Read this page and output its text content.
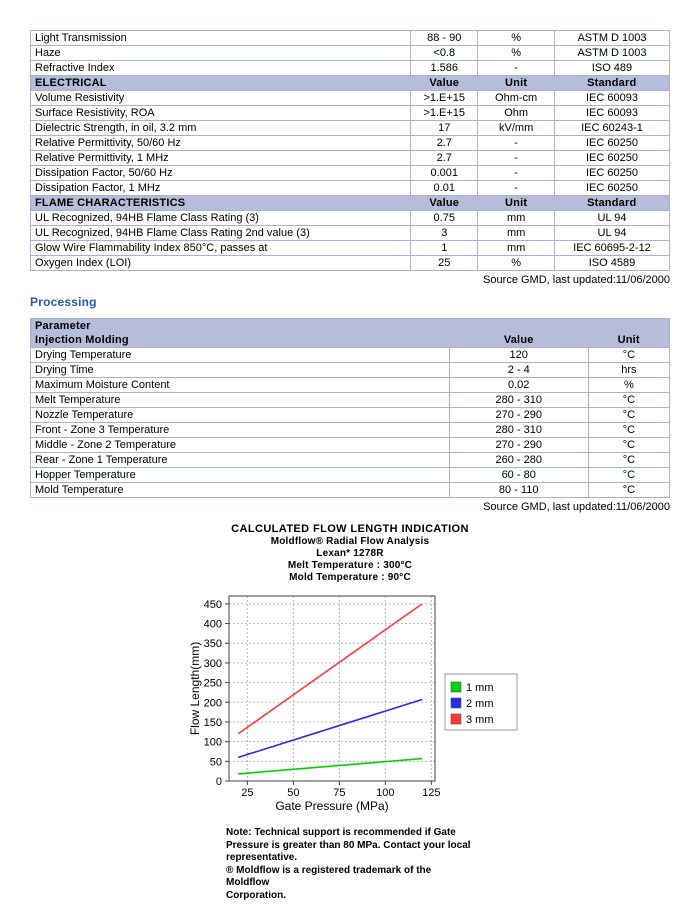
Light Transmission	88 - 90	%	ASTM D 1003
Haze	<0.8	%	ASTM D 1003
Refractive Index	1.586	-	ISO 489
ELECTRICAL	Value	Unit	Standard
Volume Resistivity	>1.E+15	Ohm-cm	IEC 60093
Surface Resistivity, ROA	>1.E+15	Ohm	IEC 60093
Dielectric Strength, in oil, 3.2 mm	17	kV/mm	IEC 60243-1
Relative Permittivity, 50/60 Hz	2.7	-	IEC 60250
Relative Permittivity, 1 MHz	2.7	-	IEC 60250
Dissipation Factor, 50/60 Hz	0.001	-	IEC 60250
Dissipation Factor, 1 MHz	0.01	-	IEC 60250
FLAME CHARACTERISTICS	Value	Unit	Standard
UL Recognized, 94HB Flame Class Rating (3)	0.75	mm	UL 94
UL Recognized, 94HB Flame Class Rating 2nd value (3)	3	mm	UL 94
Glow Wire Flammability Index 850°C, passes at	1	mm	IEC 60695-2-12
Oxygen Index (LOI)	25	%	ISO 4589
Source GMD, last updated:11/06/2000
Processing
Parameter		
Injection Molding	Value	Unit
Drying Temperature	120	°C
Drying Time	2 - 4	hrs
Maximum Moisture Content	0.02	%
Melt Temperature	280 - 310	°C
Nozzle Temperature	270 - 290	°C
Front - Zone 3 Temperature	280 - 310	°C
Middle - Zone 2 Temperature	270 - 290	°C
Rear - Zone 1 Temperature	260 - 280	°C
Hopper Temperature	60 - 80	°C
Mold Temperature	80 - 110	°C
Source GMD, last updated:11/06/2000
CALCULATED FLOW LENGTH INDICATION
Moldflow® Radial Flow Analysis
Lexan* 1278R
Melt Temperature : 300°C
Mold Temperature : 90°C
25	50	75	100	125
0
50
100
150
200
250
300
350
400
450
Gate Pressure (MPa)
Flow Length(mm)	1 mm
2 mm
3 mm
Note: Technical support is recommended if Gate
Pressure is greater than 80 MPa. Contact your local
representative.
® Moldflow is a registered trademark of the Moldflow
Corporation.
